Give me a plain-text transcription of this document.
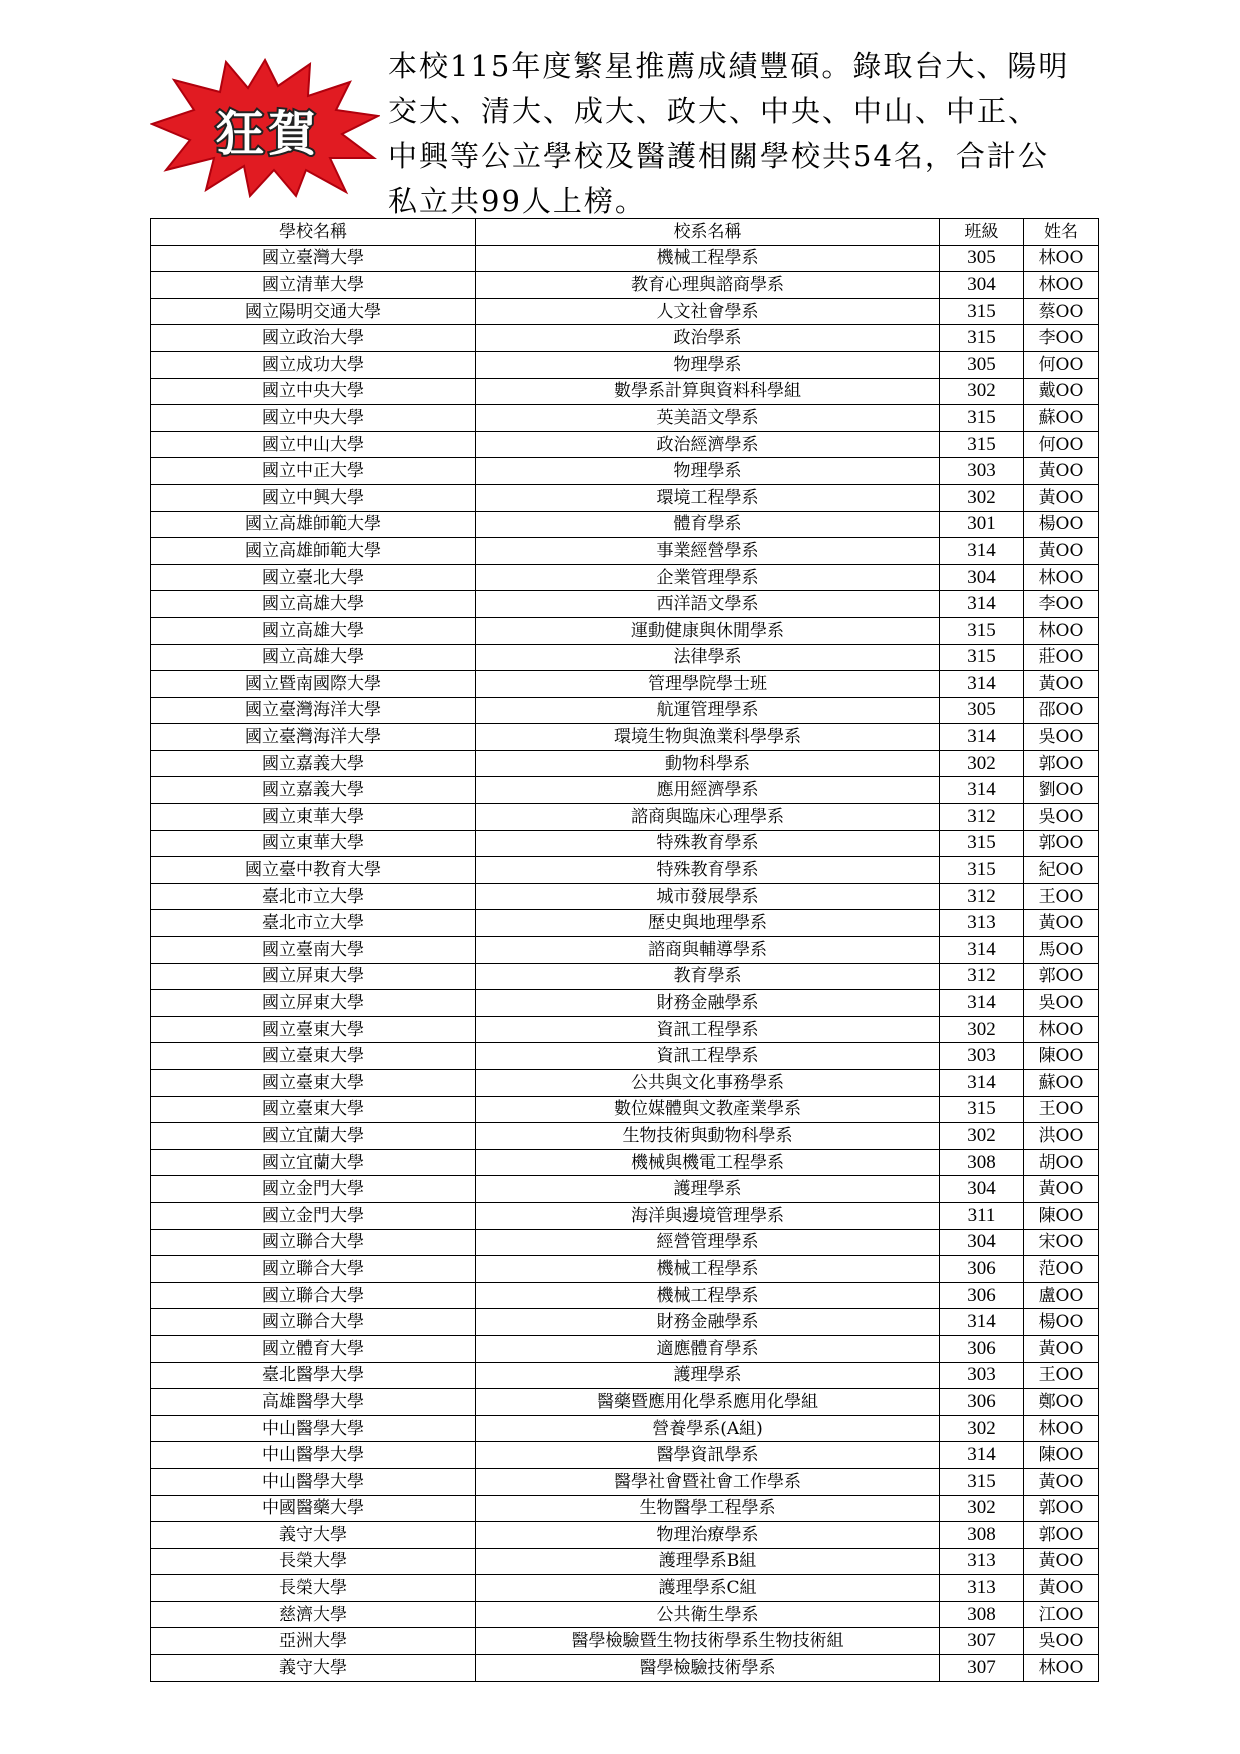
狂賀
本校115年度繁星推薦成績豐碩。錄取台大、陽明
交大、清大、成大、政大、中央、中山、中正、
中興等公立學校及醫護相關學校共54名，合計公
私立共99人上榜。
學校名稱	校系名稱	班級	姓名
國立臺灣大學	機械工程學系	305	林OO
國立清華大學	教育心理與諮商學系	304	林OO
國立陽明交通大學	人文社會學系	315	蔡OO
國立政治大學	政治學系	315	李OO
國立成功大學	物理學系	305	何OO
國立中央大學	數學系計算與資料科學組	302	戴OO
國立中央大學	英美語文學系	315	蘇OO
國立中山大學	政治經濟學系	315	何OO
國立中正大學	物理學系	303	黃OO
國立中興大學	環境工程學系	302	黃OO
國立高雄師範大學	體育學系	301	楊OO
國立高雄師範大學	事業經營學系	314	黃OO
國立臺北大學	企業管理學系	304	林OO
國立高雄大學	西洋語文學系	314	李OO
國立高雄大學	運動健康與休閒學系	315	林OO
國立高雄大學	法律學系	315	莊OO
國立暨南國際大學	管理學院學士班	314	黃OO
國立臺灣海洋大學	航運管理學系	305	邵OO
國立臺灣海洋大學	環境生物與漁業科學學系	314	吳OO
國立嘉義大學	動物科學系	302	郭OO
國立嘉義大學	應用經濟學系	314	劉OO
國立東華大學	諮商與臨床心理學系	312	吳OO
國立東華大學	特殊教育學系	315	郭OO
國立臺中教育大學	特殊教育學系	315	紀OO
臺北市立大學	城市發展學系	312	王OO
臺北市立大學	歷史與地理學系	313	黃OO
國立臺南大學	諮商與輔導學系	314	馬OO
國立屏東大學	教育學系	312	郭OO
國立屏東大學	財務金融學系	314	吳OO
國立臺東大學	資訊工程學系	302	林OO
國立臺東大學	資訊工程學系	303	陳OO
國立臺東大學	公共與文化事務學系	314	蘇OO
國立臺東大學	數位媒體與文教產業學系	315	王OO
國立宜蘭大學	生物技術與動物科學系	302	洪OO
國立宜蘭大學	機械與機電工程學系	308	胡OO
國立金門大學	護理學系	304	黃OO
國立金門大學	海洋與邊境管理學系	311	陳OO
國立聯合大學	經營管理學系	304	宋OO
國立聯合大學	機械工程學系	306	范OO
國立聯合大學	機械工程學系	306	盧OO
國立聯合大學	財務金融學系	314	楊OO
國立體育大學	適應體育學系	306	黃OO
臺北醫學大學	護理學系	303	王OO
高雄醫學大學	醫藥暨應用化學系應用化學組	306	鄭OO
中山醫學大學	營養學系(A組)	302	林OO
中山醫學大學	醫學資訊學系	314	陳OO
中山醫學大學	醫學社會暨社會工作學系	315	黃OO
中國醫藥大學	生物醫學工程學系	302	郭OO
義守大學	物理治療學系	308	郭OO
長榮大學	護理學系B組	313	黃OO
長榮大學	護理學系C組	313	黃OO
慈濟大學	公共衛生學系	308	江OO
亞洲大學	醫學檢驗暨生物技術學系生物技術組	307	吳OO
義守大學	醫學檢驗技術學系	307	林OO
